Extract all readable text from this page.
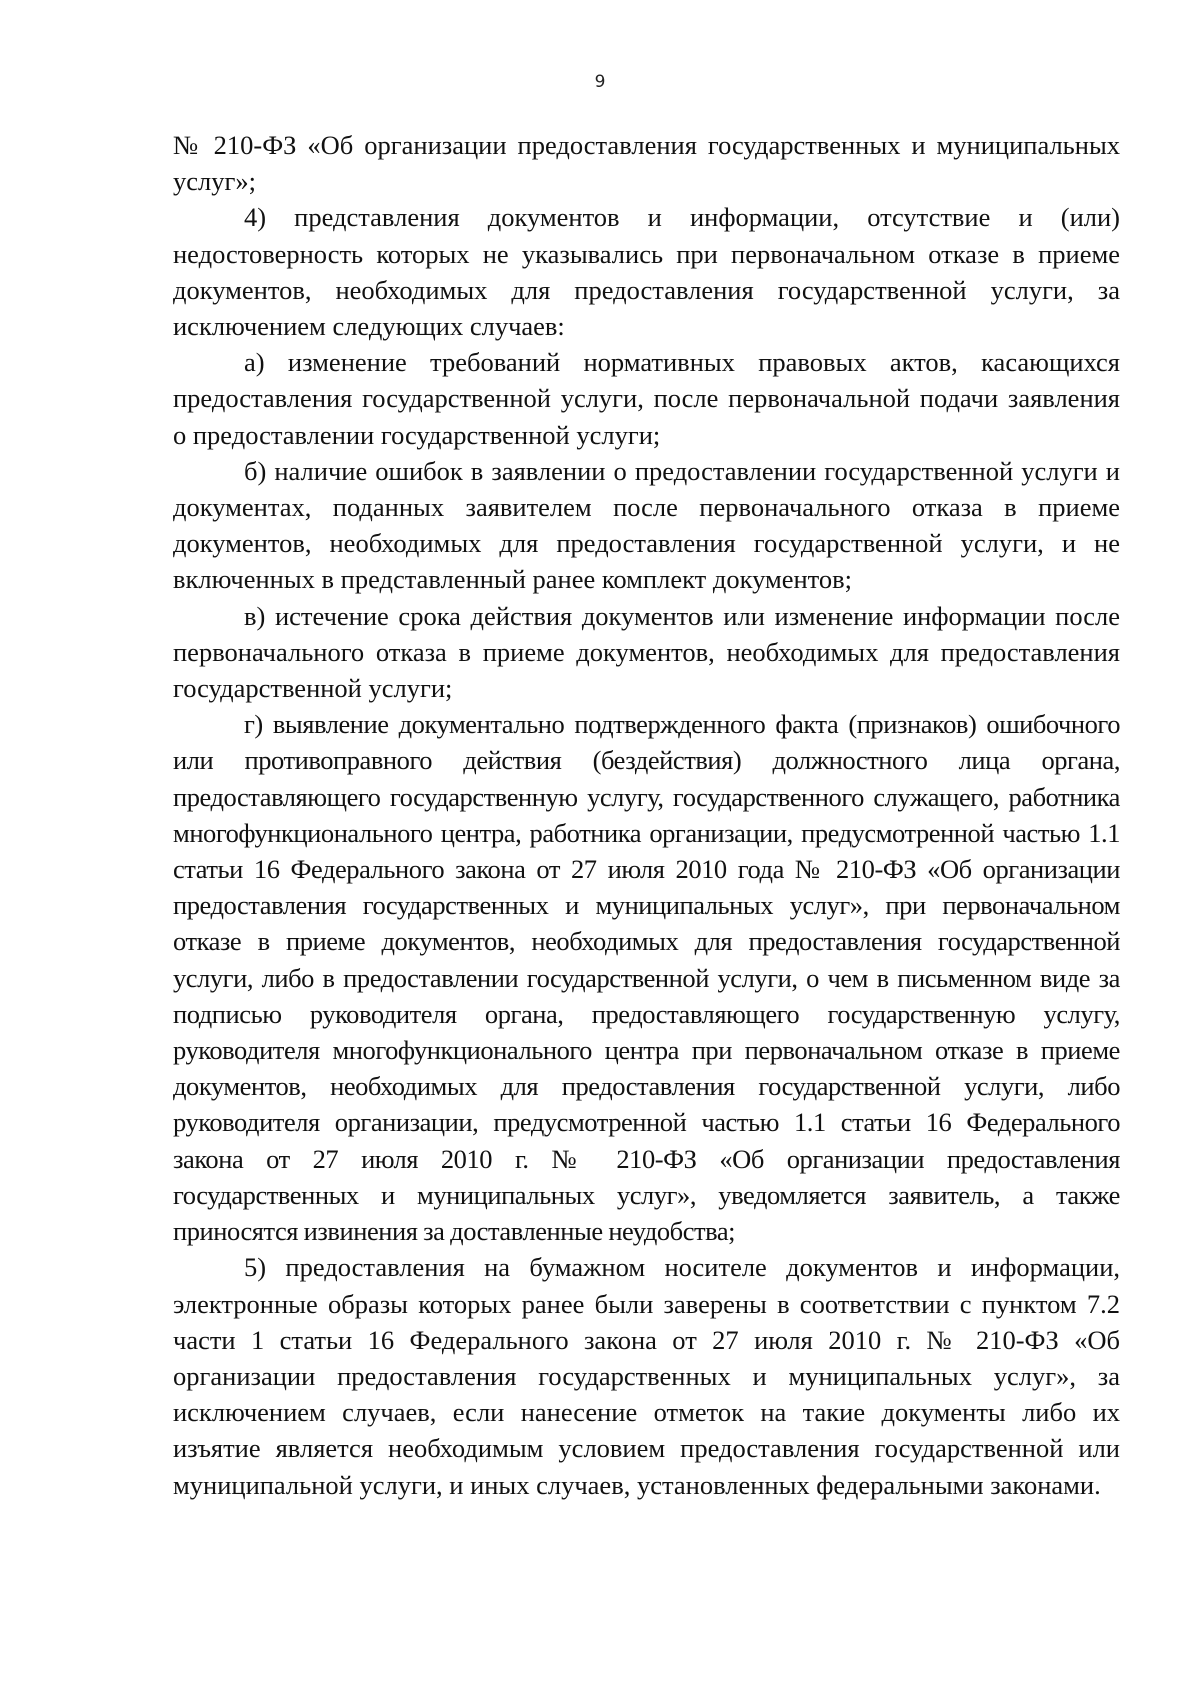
9

№ 210-ФЗ «Об организации предоставления государственных и муниципальных услуг»;

4) представления документов и информации, отсутствие и (или) недостоверность которых не указывались при первоначальном отказе в приеме документов, необходимых для предоставления государственной услуги, за исключением следующих случаев:

а) изменение требований нормативных правовых актов, касающихся предоставления государственной услуги, после первоначальной подачи заявления о предоставлении государственной услуги;

б) наличие ошибок в заявлении о предоставлении государственной услуги и документах, поданных заявителем после первоначального отказа в приеме документов, необходимых для предоставления государственной услуги, и не включенных в представленный ранее комплект документов;

в) истечение срока действия документов или изменение информации после первоначального отказа в приеме документов, необходимых для предоставления государственной услуги;

г) выявление документально подтвержденного факта (признаков) ошибочного или противоправного действия (бездействия) должностного лица органа, предоставляющего государственную услугу, государственного служащего, работника многофункционального центра, работника организации, предусмотренной частью 1.1 статьи 16 Федерального закона от 27 июля 2010 года № 210-ФЗ «Об организации предоставления государственных и муниципальных услуг», при первоначальном отказе в приеме документов, необходимых для предоставления государственной услуги, либо в предоставлении государственной услуги, о чем в письменном виде за подписью руководителя органа, предоставляющего государственную услугу, руководителя многофункционального центра при первоначальном отказе в приеме документов, необходимых для предоставления государственной услуги, либо руководителя организации, предусмотренной частью 1.1 статьи 16 Федерального закона от 27 июля 2010 г. № 210-ФЗ «Об организации предоставления государственных и муниципальных услуг», уведомляется заявитель, а также приносятся извинения за доставленные неудобства;

5) предоставления на бумажном носителе документов и информации, электронные образы которых ранее были заверены в соответствии с пунктом 7.2 части 1 статьи 16 Федерального закона от 27 июля 2010 г. № 210-ФЗ «Об организации предоставления государственных и муниципальных услуг», за исключением случаев, если нанесение отметок на такие документы либо их изъятие является необходимым условием предоставления государственной или муниципальной услуги, и иных случаев, установленных федеральными законами.
